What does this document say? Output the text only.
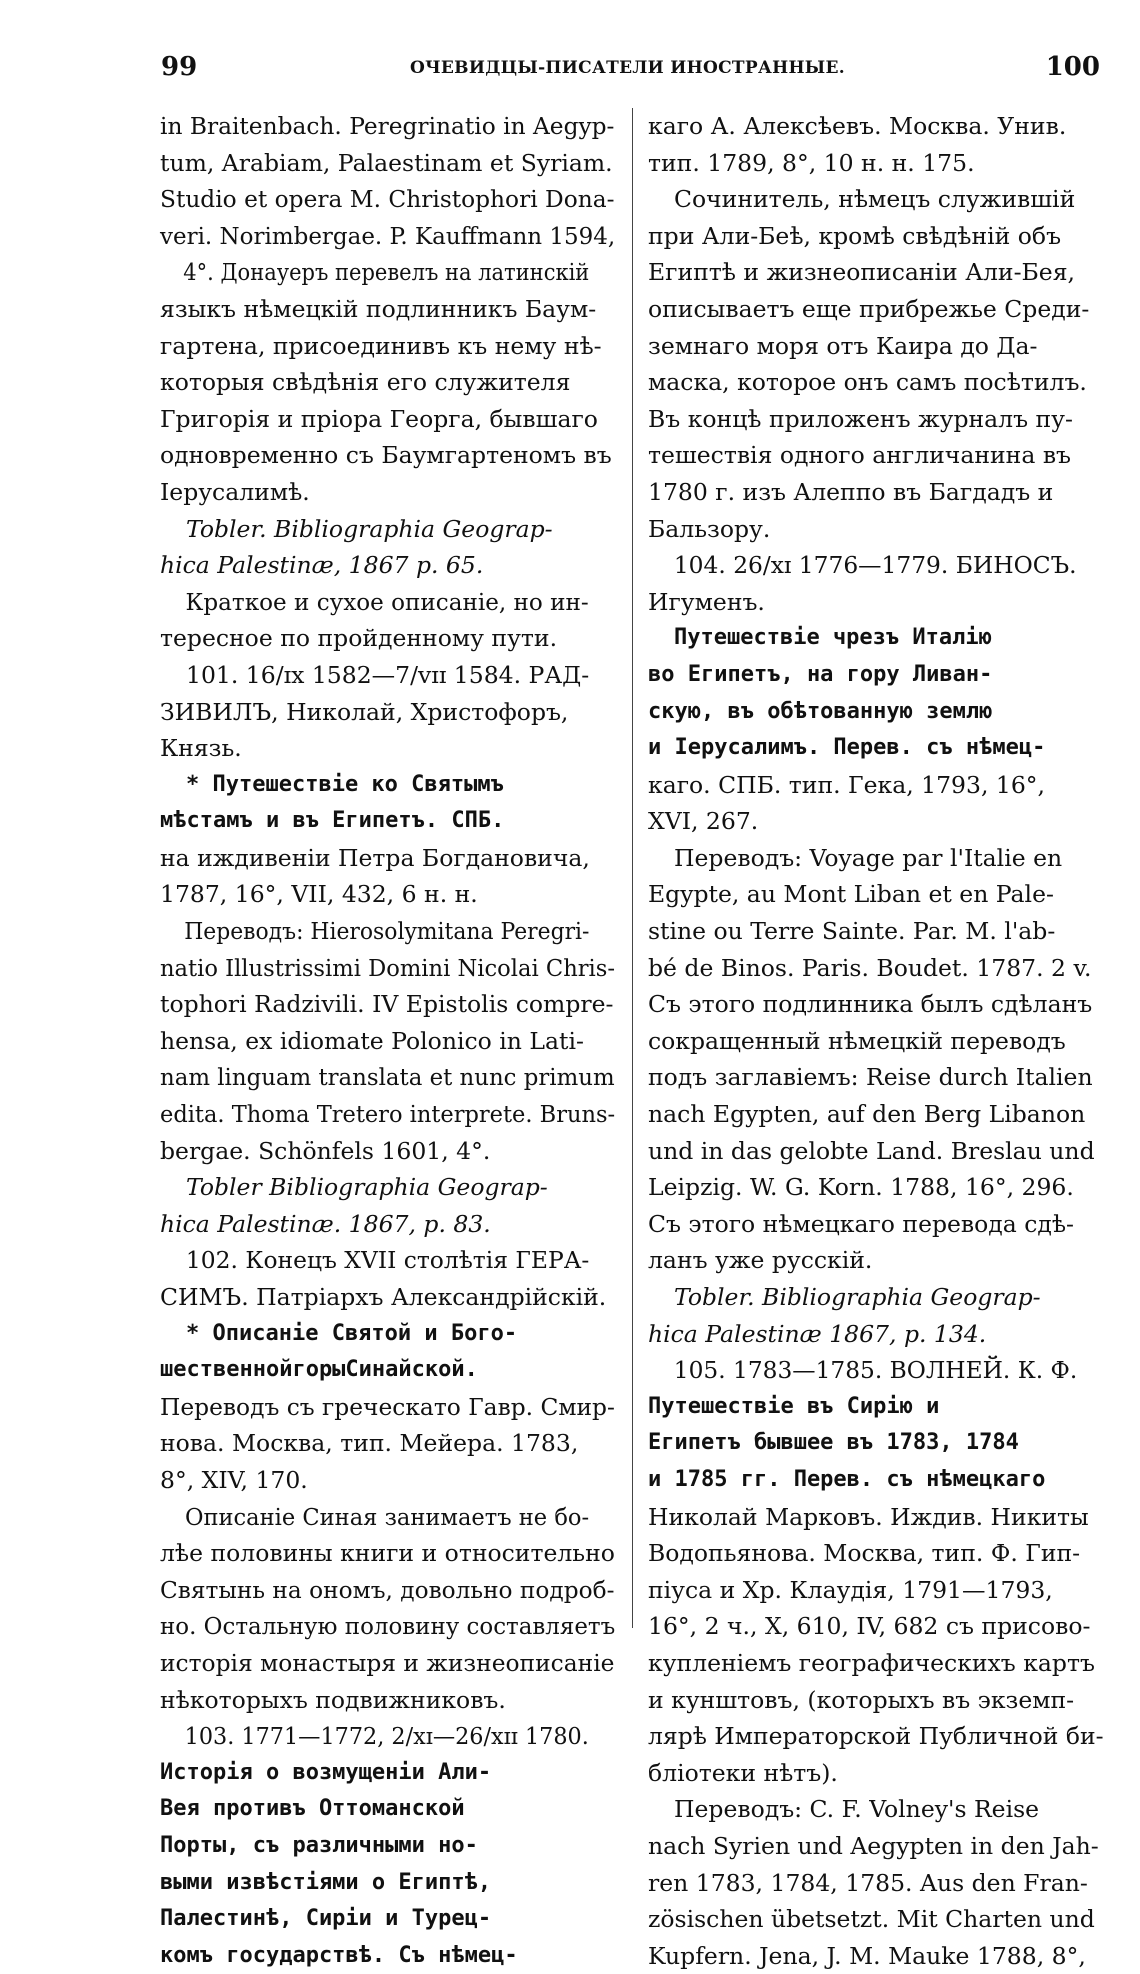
99	ОЧЕВИДЦЫ-ПИСАТЕЛИ ИНОСТРАННЫЕ.	100
in Braitenbach. Peregrinatio in Aegyp-
tum, Arabiam, Palaestinam et Syriam.
Studio et opera M. Christophori Dona-
veri. Norimbergae. P. Kauffmann 1594,
4°. Донауеръ перевелъ на латинскій
языкъ нѣмецкій подлинникъ Баум-
гартена, присоединивъ къ нему нѣ-
которыя свѣдѣнія его служителя
Григорія и пріора Георга, бывшаго
одновременно съ Баумгартеномъ въ
Іерусалимѣ.
Tobler. Bibliographia Geograp-
hica Palestinæ, 1867 p. 65.
Краткое и сухое описаніе, но ин-
тересное по пройденному пути.
101. 16/ɪx 1582—7/ᴠɪɪ 1584. РАД-
ЗИВИЛЪ, Николай, Христофоръ,
Князь.
* Путешествіе ко Святымъ
мѣстамъ и въ Египетъ. СПБ.
на иждивеніи Петра Богдановича,
1787, 16°, VII, 432, 6 н. н.
Переводъ: Hierosolymitana Peregri-
natio Illustrissimi Domini Nicolai Chris-
tophori Radzivili. IV Epistolis compre-
hensa, ex idiomate Polonico in Lati-
nam linguam translata et nunc primum
edita. Thoma Tretero interprete. Bruns-
bergae. Schönfels 1601, 4°.
Tobler Bibliographia Geograp-
hica Palestinæ. 1867, p. 83.
102. Конецъ XVII столѣтія ГЕРА-
СИМЪ. Патріархъ Александрійскій.
* Описаніе Святой и Бого-
шественнойгорыСинайской.
Переводъ съ греческато Гавр. Смир-
нова. Москва, тип. Мейера. 1783,
8°, XIV, 170.
Описаніе Синая занимаетъ не бо-
лѣе половины книги и относительно
Святынь на ономъ, довольно подроб-
но. Остальную половину составляетъ
исторія монастыря и жизнеописаніе
нѣкоторыхъ подвижниковъ.
103. 1771—1772, 2/xɪ—26/xɪɪ 1780.
Исторія о возмущеніи Али-
Вея противъ Оттоманской
Порты, съ различными но-
выми извѣстіями о Египтѣ,
Палестинѣ, Сиріи и Турец-
комъ государствѣ. Съ нѣмец-
каго А. Алексѣевъ. Москва. Унив.
тип. 1789, 8°, 10 н. н. 175.
Сочинитель, нѣмецъ служившій
при Али-Беѣ, кромѣ свѣдѣній объ
Египтѣ и жизнеописаніи Али-Бея,
описываетъ еще прибрежье Среди-
земнаго моря отъ Каира до Да-
маска, которое онъ самъ посѣтилъ.
Въ концѣ приложенъ журналъ пу-
тешествія одного англичанина въ
1780 г. изъ Алеппо въ Багдадъ и
Бальзору.
104. 26/xɪ 1776—1779. БИНОСЪ.
Игуменъ.
Путешествіе чрезъ Италію
во Египетъ, на гору Ливан-
скую, въ обѣтованную землю
и Іерусалимъ. Перев. съ нѣмец-
каго. СПБ. тип. Гека, 1793, 16°,
XVI, 267.
Переводъ: Voyage par l'Italie en
Egypte, au Mont Liban et en Pale-
stine ou Terre Sainte. Par. M. l'ab-
bé de Binos. Paris. Boudet. 1787. 2 v.
Съ этого подлинника былъ сдѣланъ
сокращенный нѣмецкій переводъ
подъ заглавіемъ: Reise durch Italien
nach Egypten, auf den Berg Libanon
und in das gelobte Land. Breslau und
Leipzig. W. G. Korn. 1788, 16°, 296.
Съ этого нѣмецкаго перевода сдѣ-
ланъ уже русскій.
Tobler. Bibliographia Geograp-
hica Palestinæ 1867, p. 134.
105. 1783—1785. ВОЛНЕЙ. К. Ф.
Путешествіе въ Сирію и
Египетъ бывшее въ 1783, 1784
и 1785 гг. Перев. съ нѣмецкаго
Николай Марковъ. Иждив. Никиты
Водопьянова. Москва, тип. Ф. Гип-
піуса и Хр. Клаудія, 1791—1793,
16°, 2 ч., X, 610, IV, 682 съ присово-
купленіемъ географическихъ картъ
и кунштовъ, (которыхъ въ экземп-
лярѣ Императорской Публичной би-
бліотеки нѣтъ).
Переводъ: C. F. Volney's Reise
nach Syrien und Aegypten in den Jah-
ren 1783, 1784, 1785. Aus den Fran-
zösischen übetsetzt. Mit Charten und
Kupfern. Jena, J. M. Mauke 1788, 8°,
